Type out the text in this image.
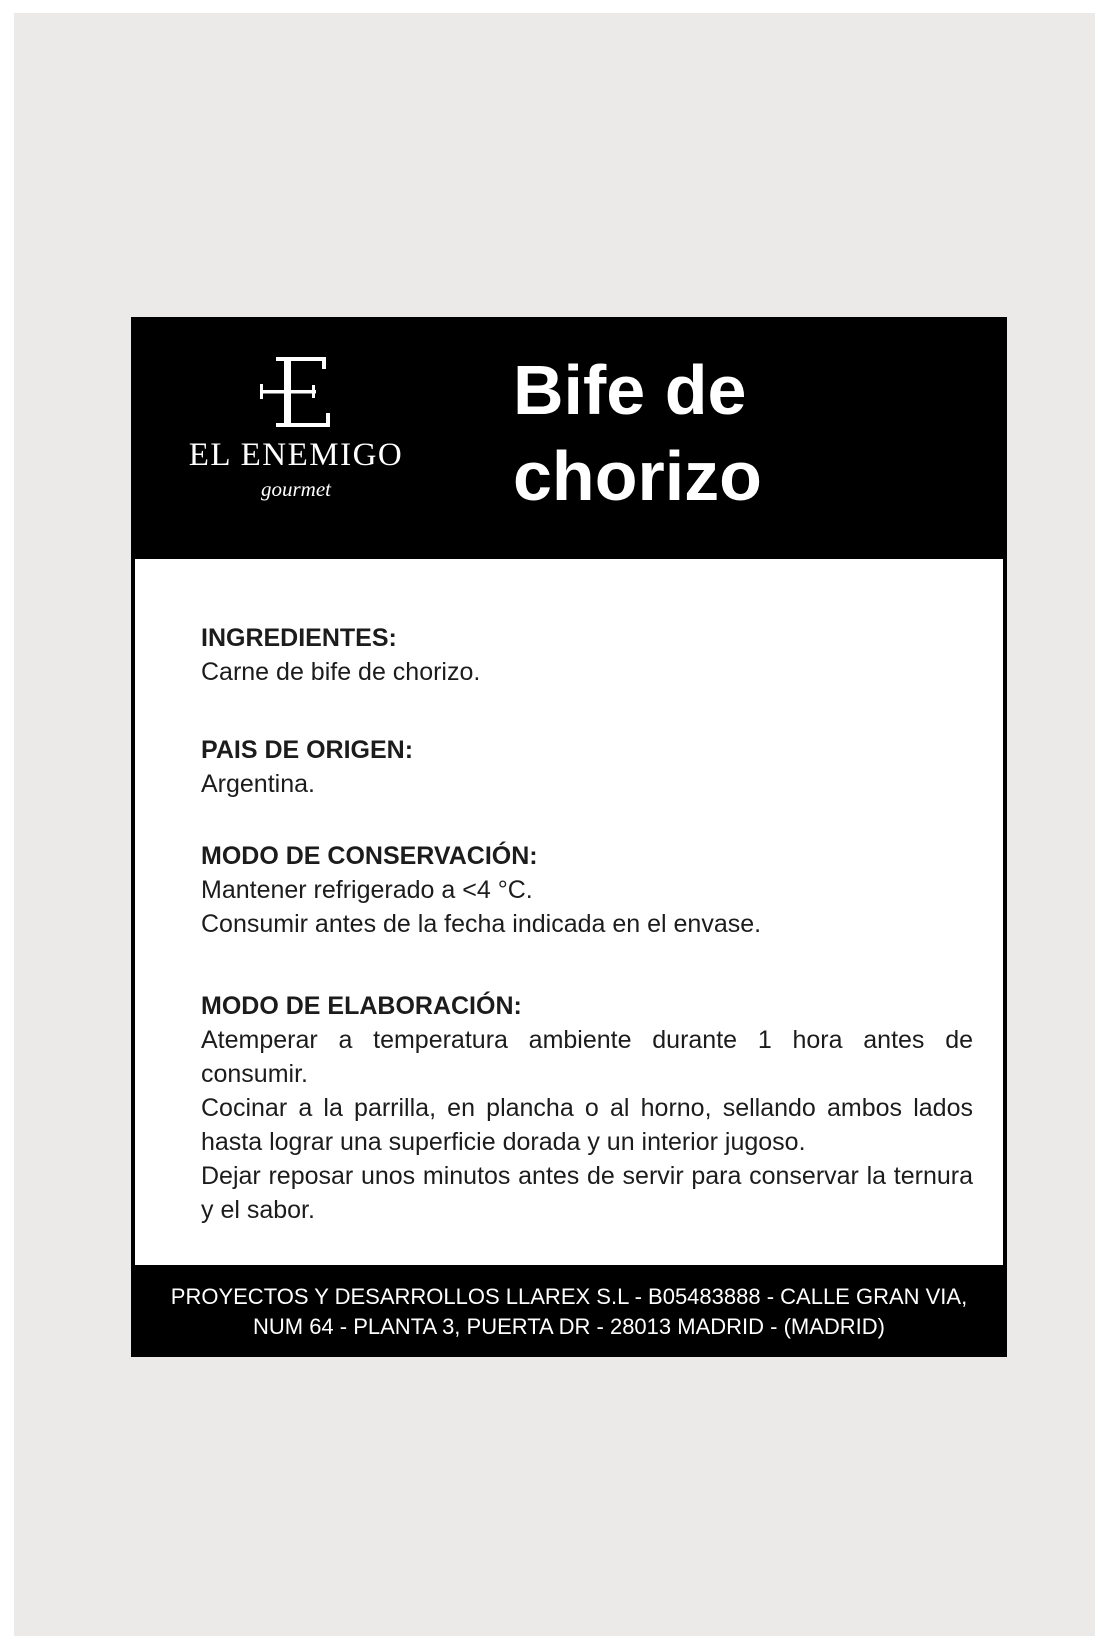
EL ENEMIGO
gourmet
Bife de chorizo
INGREDIENTES:

Carne de bife de chorizo.

PAIS DE ORIGEN:

Argentina.

MODO DE CONSERVACIÓN:

Mantener refrigerado a <4 °C.

Consumir antes de la fecha indicada en el envase.

MODO DE ELABORACIÓN:

Atemperar a temperatura ambiente durante 1 hora antes de consumir.

Cocinar a la parrilla, en plancha o al horno, sellando ambos lados hasta lograr una superficie dorada y un interior jugoso.

Dejar reposar unos minutos antes de servir para conservar la ternura y el sabor.

PROYECTOS Y DESARROLLOS LLAREX S.L - B05483888 - CALLE GRAN VIA, NUM 64 - PLANTA 3, PUERTA DR - 28013 MADRID - (MADRID)
